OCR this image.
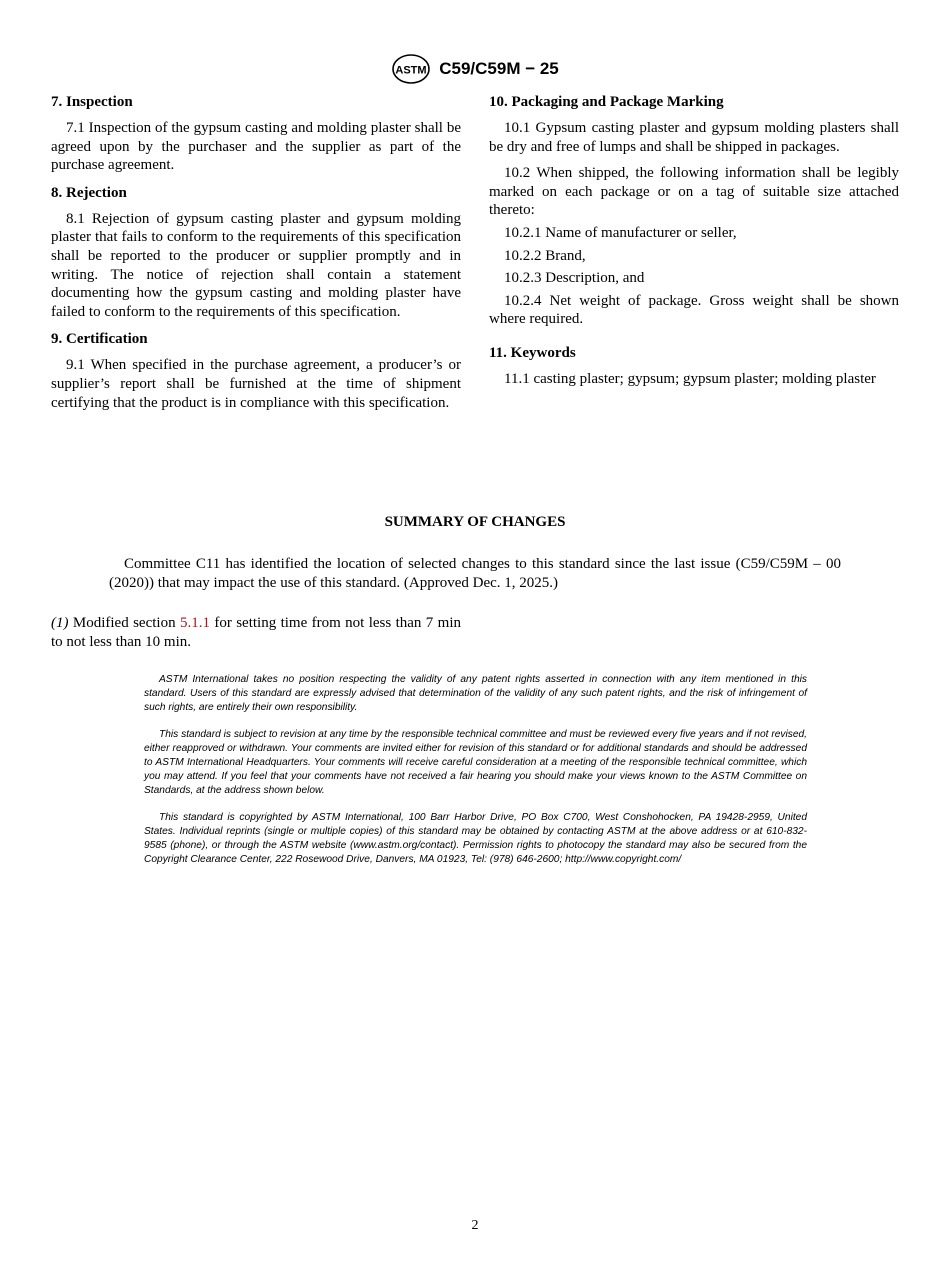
ASTM C59/C59M − 25
7. Inspection

7.1 Inspection of the gypsum casting and molding plaster shall be agreed upon by the purchaser and the supplier as part of the purchase agreement.

8. Rejection

8.1 Rejection of gypsum casting plaster and gypsum molding plaster that fails to conform to the requirements of this specification shall be reported to the producer or supplier promptly and in writing. The notice of rejection shall contain a statement documenting how the gypsum casting and molding plaster have failed to conform to the requirements of this specification.

9. Certification

9.1 When specified in the purchase agreement, a producer’s or supplier’s report shall be furnished at the time of shipment certifying that the product is in compliance with this specification.

10. Packaging and Package Marking

10.1 Gypsum casting plaster and gypsum molding plasters shall be dry and free of lumps and shall be shipped in packages.

10.2 When shipped, the following information shall be legibly marked on each package or on a tag of suitable size attached thereto:

10.2.1 Name of manufacturer or seller,

10.2.2 Brand,

10.2.3 Description, and

10.2.4 Net weight of package. Gross weight shall be shown where required.

11. Keywords

11.1 casting plaster; gypsum; gypsum plaster; molding plaster

SUMMARY OF CHANGES

Committee C11 has identified the location of selected changes to this standard since the last issue (C59/C59M – 00 (2020)) that may impact the use of this standard. (Approved Dec. 1, 2025.)

(1) Modified section 5.1.1 for setting time from not less than 7 min to not less than 10 min.

ASTM International takes no position respecting the validity of any patent rights asserted in connection with any item mentioned in this standard. Users of this standard are expressly advised that determination of the validity of any such patent rights, and the risk of infringement of such rights, are entirely their own responsibility.

This standard is subject to revision at any time by the responsible technical committee and must be reviewed every five years and if not revised, either reapproved or withdrawn. Your comments are invited either for revision of this standard or for additional standards and should be addressed to ASTM International Headquarters. Your comments will receive careful consideration at a meeting of the responsible technical committee, which you may attend. If you feel that your comments have not received a fair hearing you should make your views known to the ASTM Committee on Standards, at the address shown below.

This standard is copyrighted by ASTM International, 100 Barr Harbor Drive, PO Box C700, West Conshohocken, PA 19428-2959, United States. Individual reprints (single or multiple copies) of this standard may be obtained by contacting ASTM at the above address or at 610-832-9585 (phone), or through the ASTM website (www.astm.org/contact). Permission rights to photocopy the standard may also be secured from the Copyright Clearance Center, 222 Rosewood Drive, Danvers, MA 01923, Tel: (978) 646-2600; http://www.copyright.com/

2
